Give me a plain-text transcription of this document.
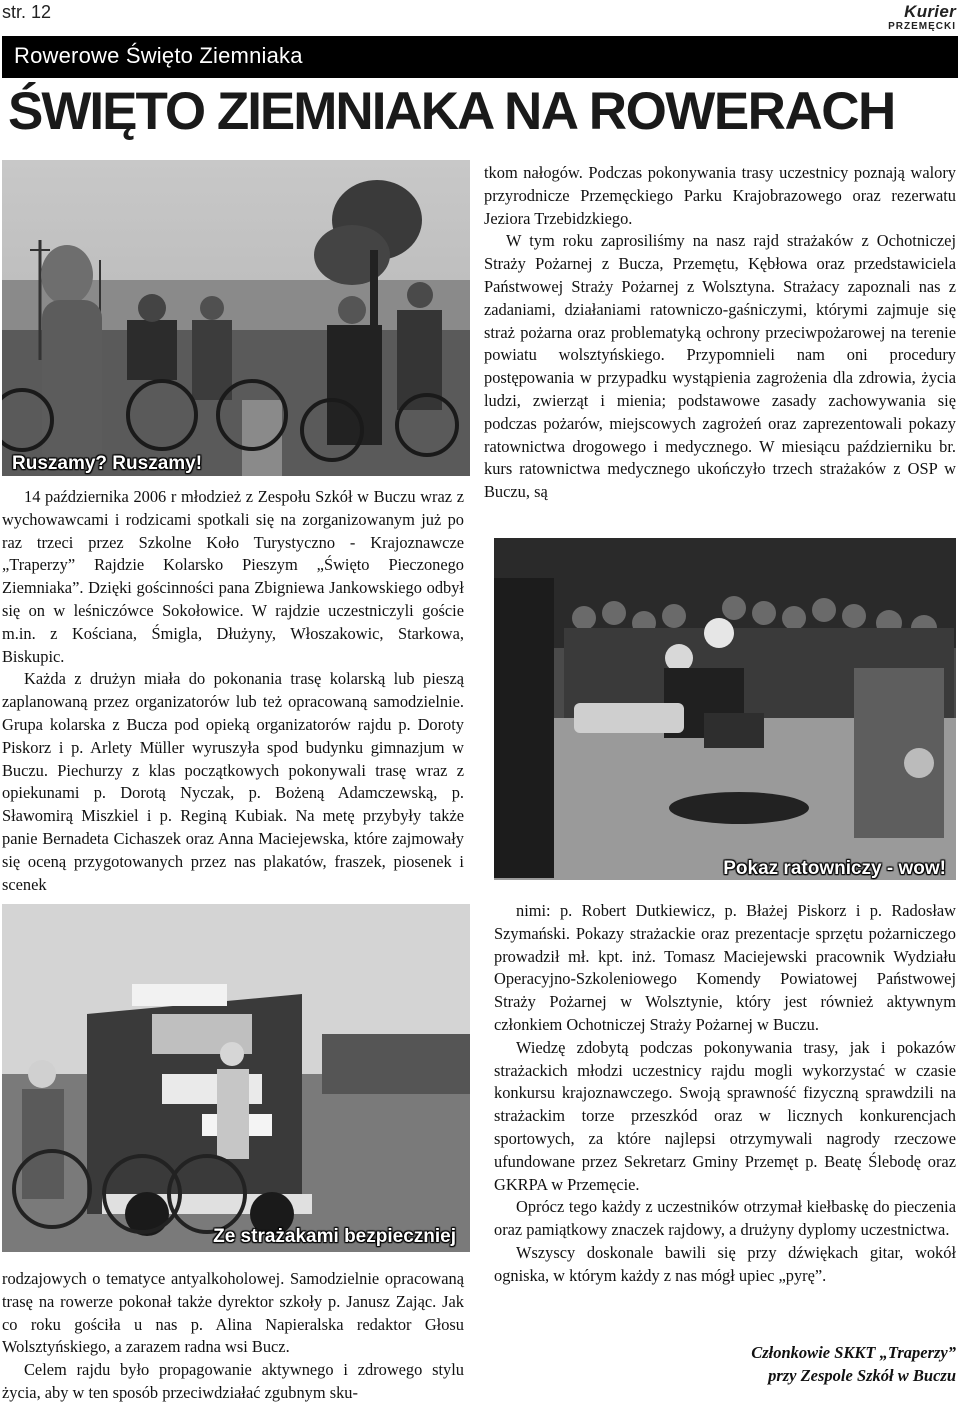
str. 12	Kurier
PRZEMĘCKI
Rowerowe Święto Ziemniaka
ŚWIĘTO ZIEMNIAKA NA ROWERACH
Ruszamy? Ruszamy!

14 października 2006 r młodzież z Zespołu Szkół w Buczu wraz z wychowawcami i rodzicami spotkali się na zorganizowanym już po raz trzeci przez Szkolne Koło Turystyczno - Krajoznawcze „Traperzy” Rajdzie Kolarsko Pieszym „Święto Pieczonego Ziemniaka”. Dzięki gościnności pana Zbigniewa Jankowskiego odbył się on w leśniczówce Sokołowice. W rajdzie uczestniczyli goście m.in. z Kościana, Śmigla, Dłużyny, Włoszakowic, Starkowa, Biskupic.

Każda z drużyn miała do pokonania trasę kolarską lub pieszą zaplanowaną przez organizatorów lub też opracowaną samodzielnie. Grupa kolarska z Bucza pod opieką organizatorów rajdu p. Doroty Piskorz i p. Arlety Müller wyruszyła spod budynku gimnazjum w Buczu. Piechurzy z klas początkowych pokonywali trasę wraz z opiekunami p. Dorotą Nyczak, p. Bożeną Adamczewską, p. Sławomirą Miszkiel i p. Reginą Kubiak. Na metę przybyły także panie Bernadeta Cichaszek oraz Anna Maciejewska, które zajmowały się oceną przygotowanych przez nas plakatów, fraszek, piosenek i scenek

tkom nałogów. Podczas pokonywania trasy uczestnicy poznają walory przyrodnicze Przemęckiego Parku Krajobrazowego oraz rezerwatu Jeziora Trzebidzkiego.

W tym roku zaprosiliśmy na nasz rajd strażaków z Ochotniczej Straży Pożarnej z Bucza, Przemętu, Kębłowa oraz przedstawiciela Państwowej Straży Pożarnej z Wolsztyna. Strażacy zapoznali nas z zadaniami, działaniami ratowniczo-gaśniczymi, którymi zajmuje się straż pożarna oraz problematyką ochrony przeciwpożarowej na terenie powiatu wolsztyńskiego. Przypomnieli nam oni procedury postępowania w przypadku wystąpienia zagrożenia dla zdrowia, życia ludzi, zwierząt i mienia; podstawowe zasady zachowywania się podczas pożarów, miejscowych zagrożeń oraz zaprezentowali pokazy ratownictwa drogowego i medycznego. W miesiącu październiku br. kurs ratownictwa medycznego ukończyło trzech strażaków z OSP w Buczu, są

Pokaz ratowniczy - wow!
Ze strażakami bezpieczniej

rodzajowych o tematyce antyalkoholowej. Samodzielnie opracowaną trasę na rowerze pokonał także dyrektor szkoły p. Janusz Zając. Jak co roku gościła u nas p. Alina Napieralska redaktor Głosu Wolsztyńskiego, a zarazem radna wsi Bucz.

Celem rajdu było propagowanie aktywnego i zdrowego stylu życia, aby w ten sposób przeciwdziałać zgubnym sku-

nimi: p. Robert Dutkiewicz, p. Błażej Piskorz i p. Radosław Szymański. Pokazy strażackie oraz prezentacje sprzętu pożarniczego prowadził mł. kpt. inż. Tomasz Maciejewski pracownik Wydziału Operacyjno-Szkoleniowego Komendy Powiatowej Państwowej Straży Pożarnej w Wolsztynie, który jest również aktywnym członkiem Ochotniczej Straży Pożarnej w Buczu.

Wiedzę zdobytą podczas pokonywania trasy, jak i pokazów strażackich młodzi uczestnicy rajdu mogli wykorzystać w czasie konkursu krajoznawczego. Swoją sprawność fizyczną sprawdzili na strażackim torze przeszkód oraz w licznych konkurencjach sportowych, za które najlepsi otrzymywali nagrody rzeczowe ufundowane przez Sekretarz Gminy Przemęt p. Beatę Ślebodę oraz GKRPA w Przemęcie.

Oprócz tego każdy z uczestników otrzymał kiełbaskę do pieczenia oraz pamiątkowy znaczek rajdowy, a drużyny dyplomy uczestnictwa.

Wszyscy doskonale bawili się przy dźwiękach gitar, wokół ogniska, w którym każdy z nas mógł upiec „pyrę”.

Członkowie SKKT „Traperzy”
przy Zespole Szkół w Buczu
